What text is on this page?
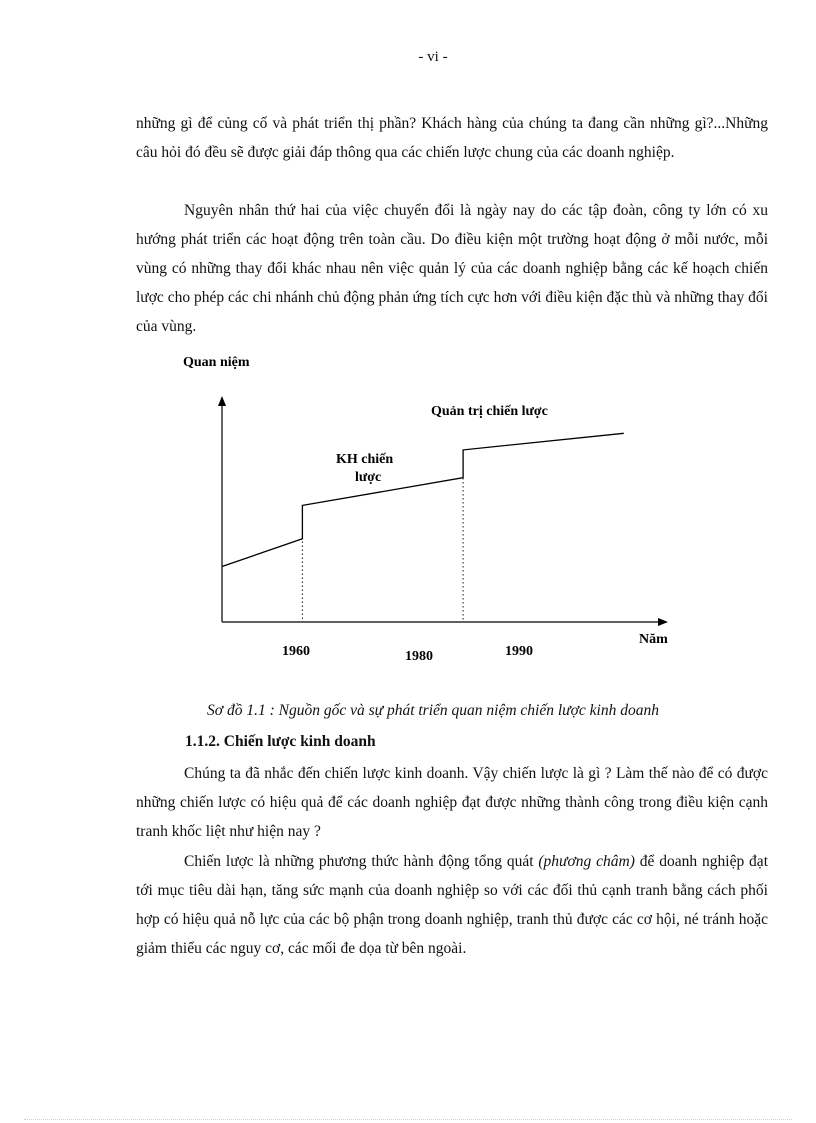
- vi -
những gì để củng cố và phát triển thị phần? Khách hàng của chúng ta đang cần những gì?...Những câu hỏi đó đều sẽ được giải đáp thông qua các chiến lược chung của các doanh nghiệp.
Nguyên nhân thứ hai của việc chuyển đổi là ngày nay do các tập đoàn, công ty lớn có xu hướng phát triển các hoạt động trên toàn cầu. Do điều kiện một trường hoạt động ở mỗi nước, mỗi vùng có những thay đổi khác nhau nên việc quản lý của các doanh nghiệp bằng các kế hoạch chiến lược cho phép các chi nhánh chủ động phản ứng tích cực hơn với điều kiện đặc thù và những thay đổi của vùng.
Quan niệm
Năm
1960	1980	1990
KH chiến
lược
Quản trị chiến lược
Sơ đồ 1.1 : Nguồn gốc và sự phát triển quan niệm chiến lược kinh doanh
1.1.2. Chiến lược kinh doanh
Chúng ta đã nhắc đến chiến lược kinh doanh. Vậy chiến lược là gì ? Làm thế nào để có được những chiến lược có hiệu quả để các doanh nghiệp đạt được những thành công trong điều kiện cạnh tranh khốc liệt như hiện nay ?
Chiến lược là những phương thức hành động tổng quát (phương châm) để doanh nghiệp đạt tới mục tiêu dài hạn, tăng sức mạnh của doanh nghiệp so với các đối thủ cạnh tranh bằng cách phối hợp có hiệu quả nỗ lực của các bộ phận trong doanh nghiệp, tranh thủ được các cơ hội, né tránh hoặc giảm thiểu các nguy cơ, các mối đe dọa từ bên ngoài.
